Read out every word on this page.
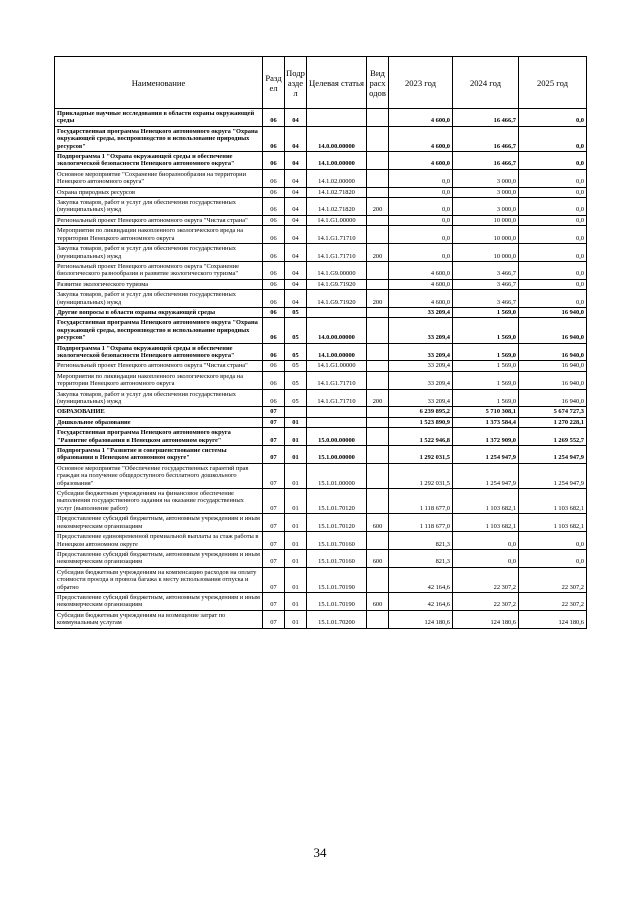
Наименование	Разд ел	Подр азде л	Целевая статья	Вид расх одов	2023 год	2024 год	2025 год
Прикладные научные исследования в области охраны окружающей среды	06	04			4 600,0	16 466,7	0,0
Государственная программа Ненецкого автономного округа "Охрана окружающей среды, воспроизводство и использование природных ресурсов"	06	04	14.0.00.00000		4 600,0	16 466,7	0,0
Подпрограмма 1 "Охрана окружающей среды и обеспечение экологической безопасности Ненецкого автономного округа"	06	04	14.1.00.00000		4 600,0	16 466,7	0,0
Основное мероприятие "Сохранение биоразнообразия на территории Ненецкого автономного округа"	06	04	14.1.02.00000		0,0	3 000,0	0,0
Охрана природных ресурсов	06	04	14.1.02.71820		0,0	3 000,0	0,0
Закупка товаров, работ и услуг для обеспечения государственных (муниципальных) нужд	06	04	14.1.02.71820	200	0,0	3 000,0	0,0
Региональный проект Ненецкого автономного округа "Чистая страна"	06	04	14.1.G1.00000		0,0	10 000,0	0,0
Мероприятия по ликвидации накопленного экологического вреда на территории Ненецкого автономного округа	06	04	14.1.G1.71710		0,0	10 000,0	0,0
Закупка товаров, работ и услуг для обеспечения государственных (муниципальных) нужд	06	04	14.1.G1.71710	200	0,0	10 000,0	0,0
Региональный проект Ненецкого автономного округа "Сохранение биологического разнообразия и развитие экологического туризма"	06	04	14.1.G9.00000		4 600,0	3 466,7	0,0
Развитие экологического туризма	06	04	14.1.G9.71920		4 600,0	3 466,7	0,0
Закупка товаров, работ и услуг для обеспечения государственных (муниципальных) нужд	06	04	14.1.G9.71920	200	4 600,0	3 466,7	0,0
Другие вопросы в области охраны окружающей среды	06	05			33 209,4	1 569,0	16 940,0
Государственная программа Ненецкого автономного округа "Охрана окружающей среды, воспроизводство и использование природных ресурсов"	06	05	14.0.00.00000		33 209,4	1 569,0	16 940,0
Подпрограмма 1 "Охрана окружающей среды и обеспечение экологической безопасности Ненецкого автономного округа"	06	05	14.1.00.00000		33 209,4	1 569,0	16 940,0
Региональный проект Ненецкого автономного округа "Чистая страна"	06	05	14.1.G1.00000		33 209,4	1 569,0	16 940,0
Мероприятия по ликвидации накопленного экологического вреда на территории Ненецкого автономного округа	06	05	14.1.G1.71710		33 209,4	1 569,0	16 940,0
Закупка товаров, работ и услуг для обеспечения государственных (муниципальных) нужд	06	05	14.1.G1.71710	200	33 209,4	1 569,0	16 940,0
ОБРАЗОВАНИЕ	07				6 239 895,2	5 710 308,1	5 674 727,3
Дошкольное образование	07	01			1 523 890,9	1 373 584,4	1 270 228,1
Государственная программа Ненецкого автономного округа "Развитие образования в Ненецком автономном округе"	07	01	15.0.00.00000		1 522 946,8	1 372 909,0	1 269 552,7
Подпрограмма 1 "Развитие и совершенствование системы образования в Ненецком автономном округе"	07	01	15.1.00.00000		1 292 031,5	1 254 947,9	1 254 947,9
Основное мероприятие "Обеспечение государственных гарантий прав граждан на получение общедоступного бесплатного дошкольного образования"	07	01	15.1.01.00000		1 292 031,5	1 254 947,9	1 254 947,9
Субсидии бюджетным учреждениям на финансовое обеспечение выполнения государственного задания на оказание государственных услуг (выполнение работ)	07	01	15.1.01.70120		1 118 677,0	1 103 682,1	1 103 682,1
Предоставление субсидий бюджетным, автономным учреждениям и иным некоммерческим организациям	07	01	15.1.01.70120	600	1 118 677,0	1 103 682,1	1 103 682,1
Предоставление единовременной премиальной выплаты за стаж работы в Ненецком автономном округе	07	01	15.1.01.70160		821,3	0,0	0,0
Предоставление субсидий бюджетным, автономным учреждениям и иным некоммерческим организациям	07	01	15.1.01.70160	600	821,3	0,0	0,0
Субсидии бюджетным учреждениям на компенсацию расходов на оплату стоимости проезда и провоза багажа к месту использования отпуска и обратно	07	01	15.1.01.70190		42 164,6	22 307,2	22 307,2
Предоставление субсидий бюджетным, автономным учреждениям и иным некоммерческим организациям	07	01	15.1.01.70190	600	42 164,6	22 307,2	22 307,2
Субсидии бюджетным учреждениям на возмещение затрат по коммунальным услугам	07	01	15.1.01.70200		124 180,6	124 180,6	124 180,6
34
